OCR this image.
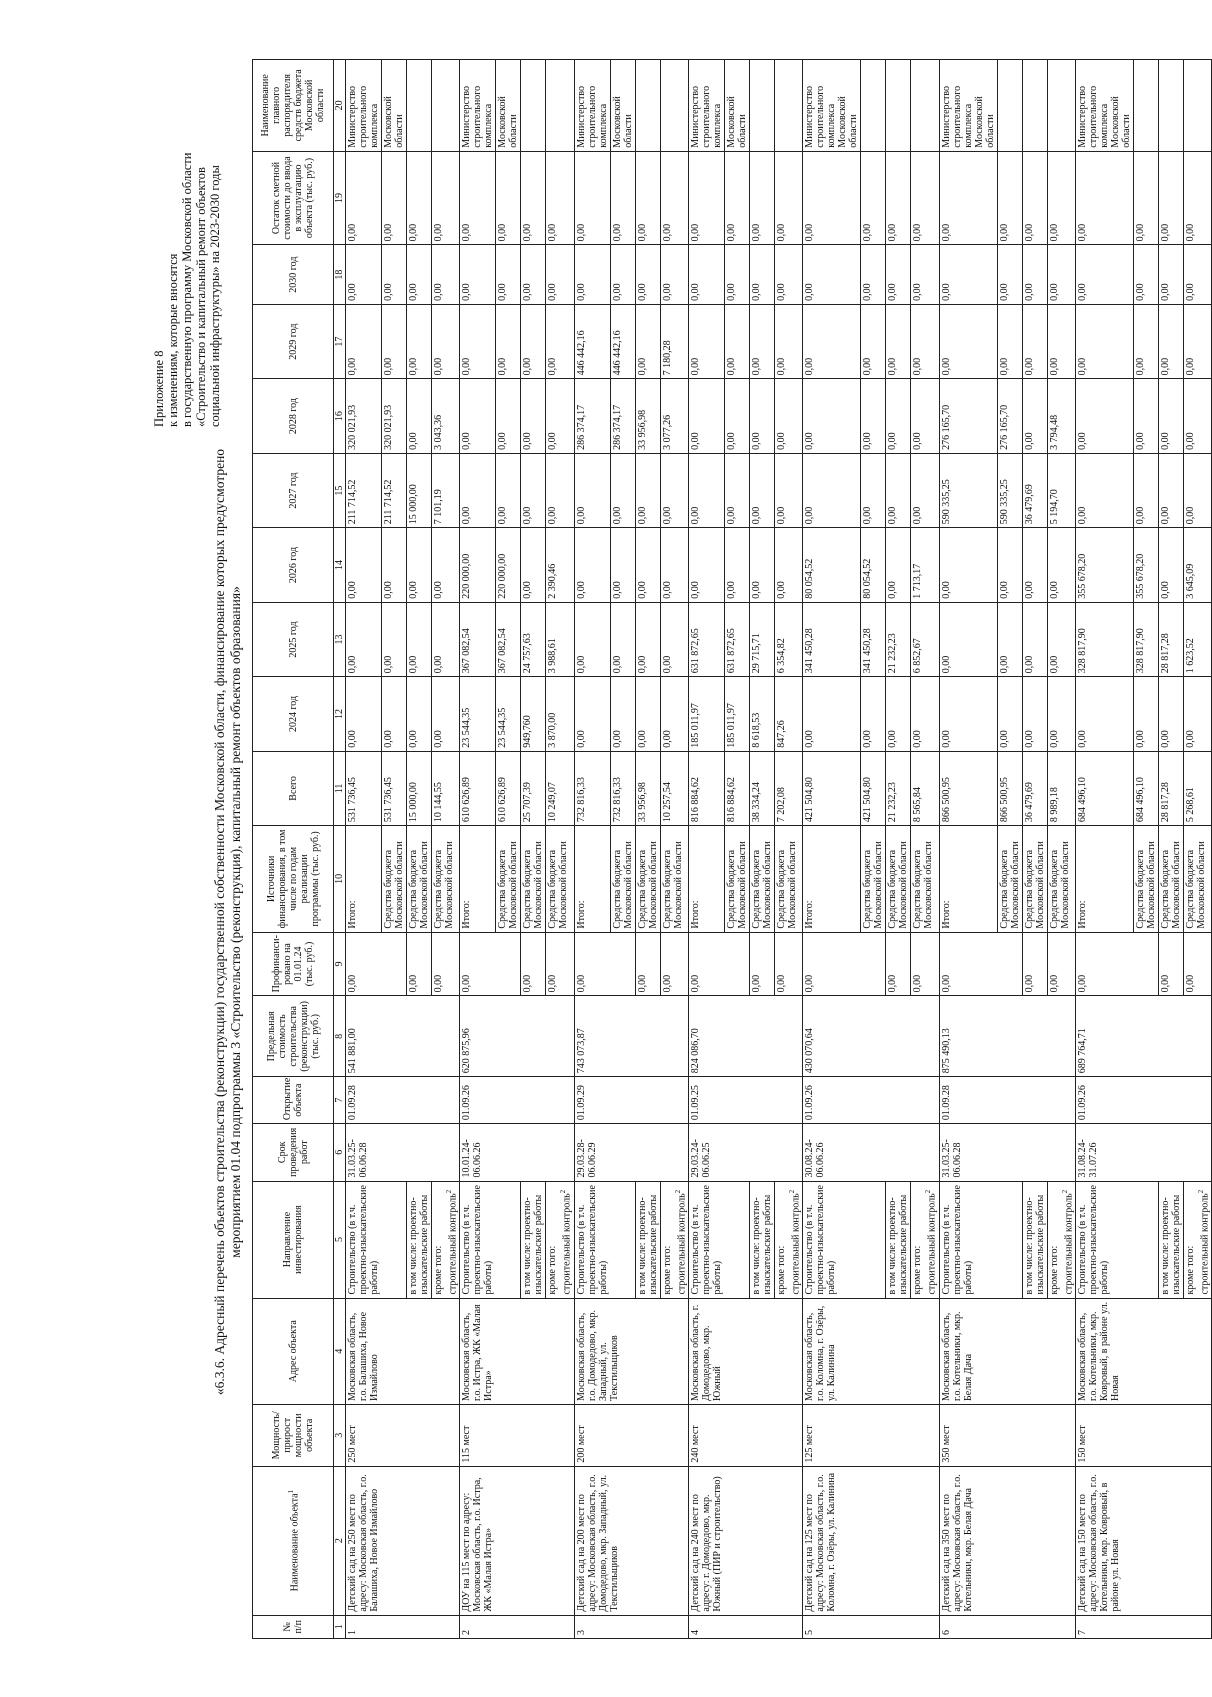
Приложение 8 к изменениям, которые вносятся в государственную программу Московской области «Строительство и капитальный ремонт объектов социальной инфраструктуры» на 2023-2030 годы
«6.3.6. Адресный перечень объектов строительства (реконструкции) государственной собственности Московской области, финансирование которых предусмотрено мероприятием 01.04 подпрограммы 3 «Строительство (реконструкция), капитальный ремонт объектов образования»
№ п/п	Наименование объекта$^1$	Мощность/ прирост мощности объекта	Адрес объекта	Направление инвестирования	Срок проведения работ	Открытие объекта	Предельная стоимость строительства (реконструкции) (тыс. руб.)	Профинанси-ровано на 01.01.24 (тыс. руб.)	Источники финансирования, в том числе по годам реализации программы (тыс. руб.)	Всего	2024 год	2025 год	2026 год	2027 год	2028 год	2029 год	2030 год	Остаток сметной стоимости до ввода в эксплуатацию объекта (тыс. руб.)	Наименование главного распорядителя средств бюджета Московской области
1	2	3	4	5	6	7	8	9	10	11	12	13	14	15	16	17	18	19	20
1	Детский сад на 250 мест по адресу: Московская область, г.о. Балашиха, Новое Измайлово	250 мест	Московская область, г.о. Балашиха, Новое Измайлово	Строительство (в т.ч. проектно-изыскательские работы)	31.03.25-06.06.28	01.09.28	541 881,00	0,00	Итого:	531 736,45	0,00	0,00	0,00	211 714,52	320 021,93	0,00	0,00	0,00	Министерство строительного комплекса
									Средства бюджета Московской области	531 736,45	0,00	0,00	0,00	211 714,52	320 021,93	0,00	0,00	0,00	Московской области
				в том числе: проектно-изыскательские работы				0,00	Средства бюджета Московской области	15 000,00	0,00	0,00	0,00	15 000,00	0,00	0,00	0,00	0,00	
				кроме того: строительный контроль$^2$				0,00	Средства бюджета Московской области	10 144,55	0,00	0,00	0,00	7 101,19	3 043,36	0,00	0,00	0,00	
2	ДОУ на 115 мест по адресу: Московская область, г.о. Истра, ЖК «Малая Истра»	115 мест	Московская область, г.о. Истра, ЖК «Малая Истра»	Строительство (в т.ч. проектно-изыскательские работы)	10.01.24-06.06.26	01.09.26	620 875,96	0,00	Итого:	610 626,89	23 544,35	367 082,54	220 000,00	0,00	0,00	0,00	0,00	0,00	Министерство строительного комплекса
									Средства бюджета Московской области	610 626,89	23 544,35	367 082,54	220 000,00	0,00	0,00	0,00	0,00	0,00	Московской области
				в том числе: проектно-изыскательские работы				0,00	Средства бюджета Московской области	25 707,39	949,760	24 757,63	0,00	0,00	0,00	0,00	0,00	0,00	
				кроме того: строительный контроль$^2$				0,00	Средства бюджета Московской области	10 249,07	3 870,00	3 988,61	2 390,46	0,00	0,00	0,00	0,00	0,00	
3	Детский сад на 200 мест по адресу: Московская область, г.о. Домодедово, мкр. Западный, ул. Текстильщиков	200 мест	Московская область, г.о. Домодедово, мкр. Западный, ул. Текстильщиков	Строительство (в т.ч. проектно-изыскательские работы)	29.03.28-06.06.29	01.09.29	743 073,87	0,00	Итого:	732 816,33	0,00	0,00	0,00	0,00	286 374,17	446 442,16	0,00	0,00	Министерство строительного комплекса
									Средства бюджета Московской области	732 816,33	0,00	0,00	0,00	0,00	286 374,17	446 442,16	0,00	0,00	Московской области
				в том числе: проектно-изыскательские работы				0,00	Средства бюджета Московской области	33 956,98	0,00	0,00	0,00	0,00	33 956,98	0,00	0,00	0,00	
				кроме того: строительный контроль$^2$				0,00	Средства бюджета Московской области	10 257,54	0,00	0,00	0,00	0,00	3 077,26	7 180,28	0,00	0,00	
4	Детский сад на 240 мест по адресу: г. Домодедово, мкр. Южный (ПИР и строительство)	240 мест	Московская область, г. Домодедово, мкр. Южный	Строительство (в т.ч. проектно-изыскательские работы)	29.03.24-06.06.25	01.09.25	824 086,70	0,00	Итого:	816 884,62	185 011,97	631 872,65	0,00	0,00	0,00	0,00	0,00	0,00	Министерство строительного комплекса
									Средства бюджета Московской области	816 884,62	185 011,97	631 872,65	0,00	0,00	0,00	0,00	0,00	0,00	Московской области
				в том числе: проектно-изыскательские работы				0,00	Средства бюджета Московской области	38 334,24	8 618,53	29 715,71	0,00	0,00	0,00	0,00	0,00	0,00	
				кроме того: строительный контроль$^2$				0,00	Средства бюджета Московской области	7 202,08	847,26	6 354,82	0,00	0,00	0,00	0,00	0,00	0,00	
5	Детский сад на 125 мест по адресу: Московская область, г.о. Коломна, г. Озёры, ул. Калинина	125 мест	Московская область, г.о. Коломна, г. Озёры, ул. Калинина	Строительство (в т.ч. проектно-изыскательские работы)	30.08.24-06.06.26	01.09.26	430 070,64	0,00	Итого:	421 504,80	0,00	341 450,28	80 054,52	0,00	0,00	0,00	0,00	0,00	Министерство строительного комплекса Московской области
									Средства бюджета Московской области	421 504,80	0,00	341 450,28	80 054,52	0,00	0,00	0,00	0,00	0,00	
				в том числе: проектно-изыскательские работы				0,00	Средства бюджета Московской области	21 232,23	0,00	21 232,23	0,00	0,00	0,00	0,00	0,00	0,00	
				кроме того: строительный контроль$^2$				0,00	Средства бюджета Московской области	8 565,84	0,00	6 852,67	1 713,17	0,00	0,00	0,00	0,00	0,00	
6	Детский сад на 350 мест по адресу: Московская область, г.о. Котельники, мкр. Белая Дача	350 мест	Московская область, г.о. Котельники, мкр. Белая Дача	Строительство (в т.ч. проектно-изыскательские работы)	31.03.25-06.06.28	01.09.28	875 490,13	0,00	Итого:	866 500,95	0,00	0,00	0,00	590 335,25	276 165,70	0,00	0,00	0,00	Министерство строительного комплекса Московской области
									Средства бюджета Московской области	866 500,95	0,00	0,00	0,00	590 335,25	276 165,70	0,00	0,00	0,00	
				в том числе: проектно-изыскательские работы				0,00	Средства бюджета Московской области	36 479,69	0,00	0,00	0,00	36 479,69	0,00	0,00	0,00	0,00	
				кроме того: строительный контроль$^2$				0,00	Средства бюджета Московской области	8 989,18	0,00	0,00	0,00	5 194,70	3 794,48	0,00	0,00	0,00	
7	Детский сад на 150 мест по адресу: Московская область, г.о. Котельники, мкр. Ковровый, в районе ул. Новая	150 мест	Московская область, г.о. Котельники, мкр. Ковровый, в районе ул. Новая	Строительство (в т.ч. проектно-изыскательские работы)	31.08.24-31.07.26	01.09.26	689 764,71	0,00	Итого:	684 496,10	0,00	328 817,90	355 678,20	0,00	0,00	0,00	0,00	0,00	Министерство строительного комплекса Московской области
									Средства бюджета Московской области	684 496,10	0,00	328 817,90	355 678,20	0,00	0,00	0,00	0,00	0,00	
				в том числе: проектно-изыскательские работы				0,00	Средства бюджета Московской области	28 817,28	0,00	28 817,28	0,00	0,00	0,00	0,00	0,00	0,00	
				кроме того: строительный контроль$^2$				0,00	Средства бюджета Московской области	5 268,61	0,00	1 623,52	3 645,09	0,00	0,00	0,00	0,00	0,00	
